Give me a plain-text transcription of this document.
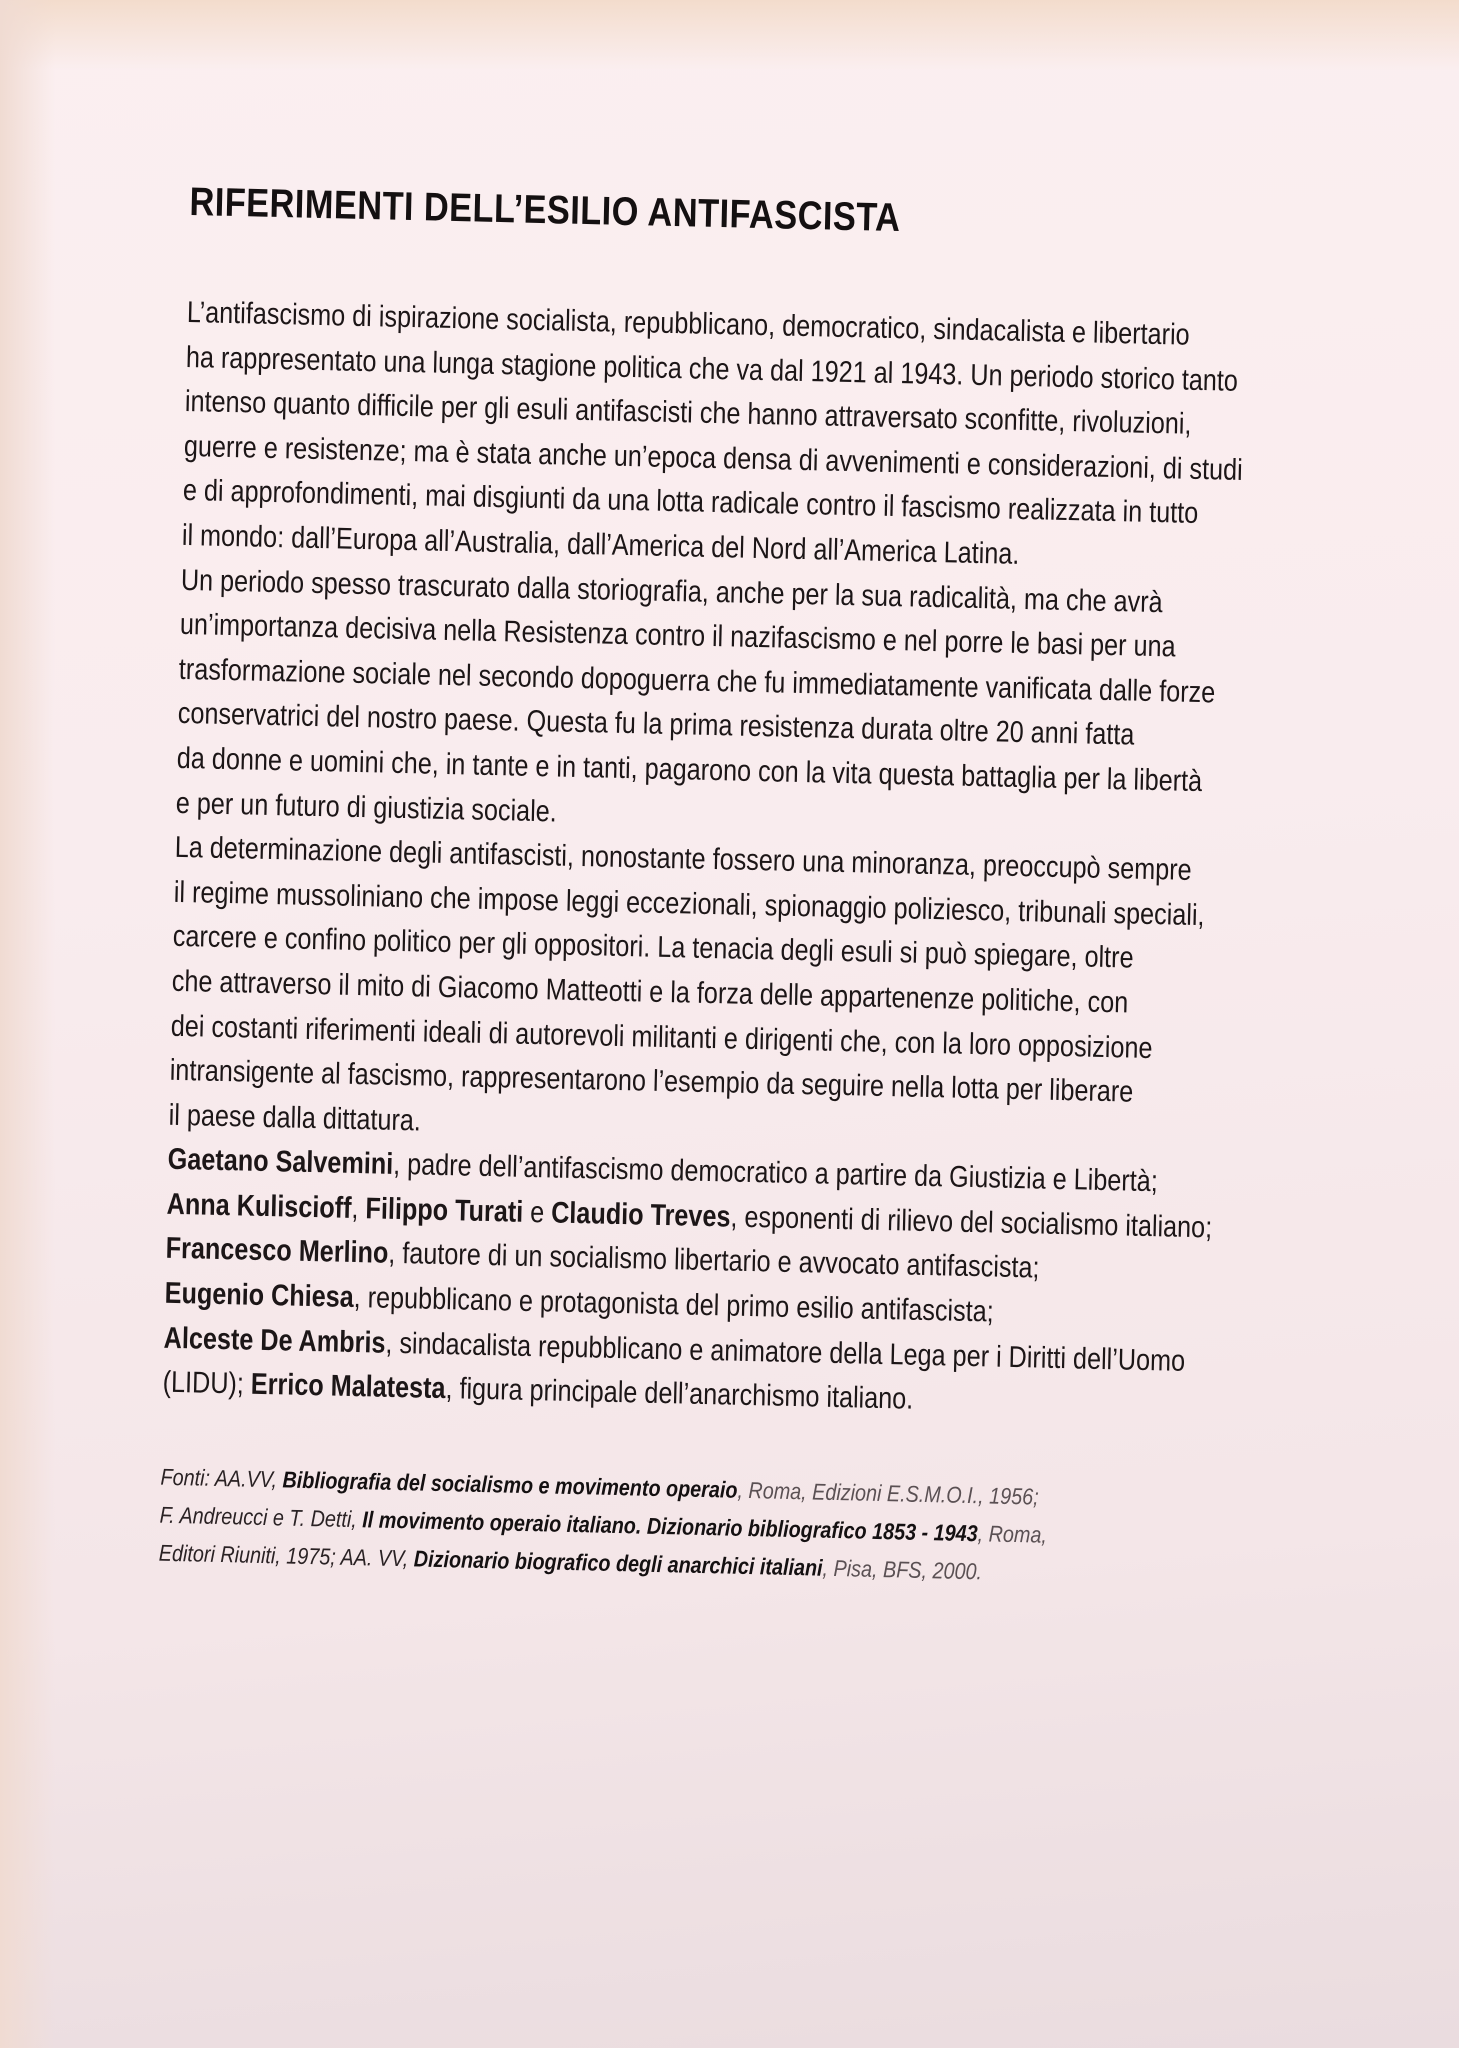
RIFERIMENTI DELL’ESILIO ANTIFASCISTA
L’antifascismo di ispirazione socialista, repubblicano, democratico, sindacalista e libertario
ha rappresentato una lunga stagione politica che va dal 1921 al 1943. Un periodo storico tanto
intenso quanto difficile per gli esuli antifascisti che hanno attraversato sconfitte, rivoluzioni,
guerre e resistenze; ma è stata anche un’epoca densa di avvenimenti e considerazioni, di studi
e di approfondimenti, mai disgiunti da una lotta radicale contro il fascismo realizzata in tutto
il mondo: dall’Europa all’Australia, dall’America del Nord all’America Latina.
Un periodo spesso trascurato dalla storiografia, anche per la sua radicalità, ma che avrà
un’importanza decisiva nella Resistenza contro il nazifascismo e nel porre le basi per una
trasformazione sociale nel secondo dopoguerra che fu immediatamente vanificata dalle forze
conservatrici del nostro paese. Questa fu la prima resistenza durata oltre 20 anni fatta
da donne e uomini che, in tante e in tanti, pagarono con la vita questa battaglia per la libertà
e per un futuro di giustizia sociale.
La determinazione degli antifascisti, nonostante fossero una minoranza, preoccupò sempre
il regime mussoliniano che impose leggi eccezionali, spionaggio poliziesco, tribunali speciali,
carcere e confino politico per gli oppositori. La tenacia degli esuli si può spiegare, oltre
che attraverso il mito di Giacomo Matteotti e la forza delle appartenenze politiche, con
dei costanti riferimenti ideali di autorevoli militanti e dirigenti che, con la loro opposizione
intransigente al fascismo, rappresentarono l’esempio da seguire nella lotta per liberare
il paese dalla dittatura.
Gaetano Salvemini, padre dell’antifascismo democratico a partire da Giustizia e Libertà;
Anna Kuliscioff, Filippo Turati e Claudio Treves, esponenti di rilievo del socialismo italiano;
Francesco Merlino, fautore di un socialismo libertario e avvocato antifascista;
Eugenio Chiesa, repubblicano e protagonista del primo esilio antifascista;
Alceste De Ambris, sindacalista repubblicano e animatore della Lega per i Diritti dell’Uomo
(LIDU); Errico Malatesta, figura principale dell’anarchismo italiano.
Fonti: AA.VV, Bibliografia del socialismo e movimento operaio, Roma, Edizioni E.S.M.O.I., 1956;
F. Andreucci e T. Detti, Il movimento operaio italiano. Dizionario bibliografico 1853 - 1943, Roma,
Editori Riuniti, 1975; AA. VV, Dizionario biografico degli anarchici italiani, Pisa, BFS, 2000.
